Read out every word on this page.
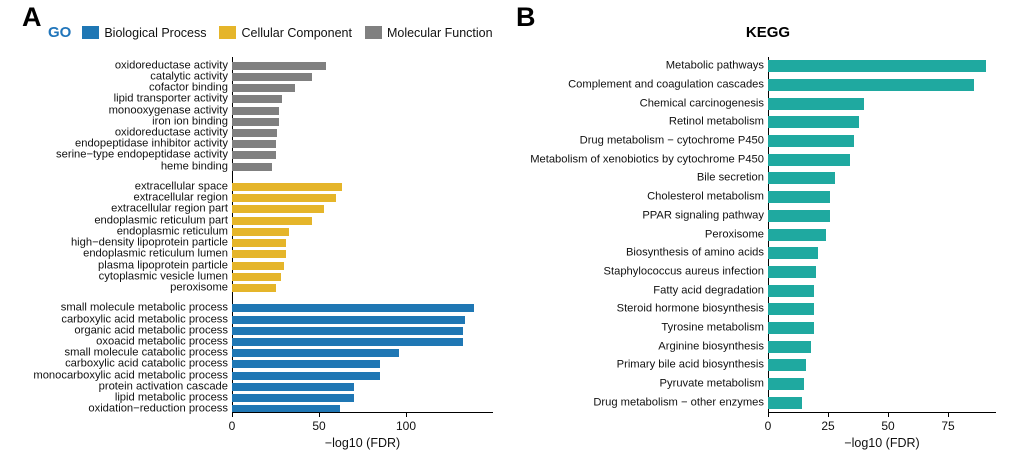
A	B
GO	Biological Process	Cellular Component	Molecular Function
oxidoreductase activity
catalytic activity
cofactor binding
lipid transporter activity
monooxygenase activity
iron ion binding
oxidoreductase activity
endopeptidase inhibitor activity
serine−type endopeptidase activity
heme binding
extracellular space
extracellular region
extracellular region part
endoplasmic reticulum part
endoplasmic reticulum
high−density lipoprotein particle
endoplasmic reticulum lumen
plasma lipoprotein particle
cytoplasmic vesicle lumen
peroxisome
small molecule metabolic process
carboxylic acid metabolic process
organic acid metabolic process
oxoacid metabolic process
small molecule catabolic process
carboxylic acid catabolic process
monocarboxylic acid metabolic process
protein activation cascade
lipid metabolic process
oxidation−reduction process
0	50	100
−log10 (FDR)
KEGG
Metabolic pathways
Complement and coagulation cascades
Chemical carcinogenesis
Retinol metabolism
Drug metabolism − cytochrome P450
Metabolism of xenobiotics by cytochrome P450
Bile secretion
Cholesterol metabolism
PPAR signaling pathway
Peroxisome
Biosynthesis of amino acids
Staphylococcus aureus infection
Fatty acid degradation
Steroid hormone biosynthesis
Tyrosine metabolism
Arginine biosynthesis
Primary bile acid biosynthesis
Pyruvate metabolism
Drug metabolism − other enzymes
0	25	50	75
−log10 (FDR)
